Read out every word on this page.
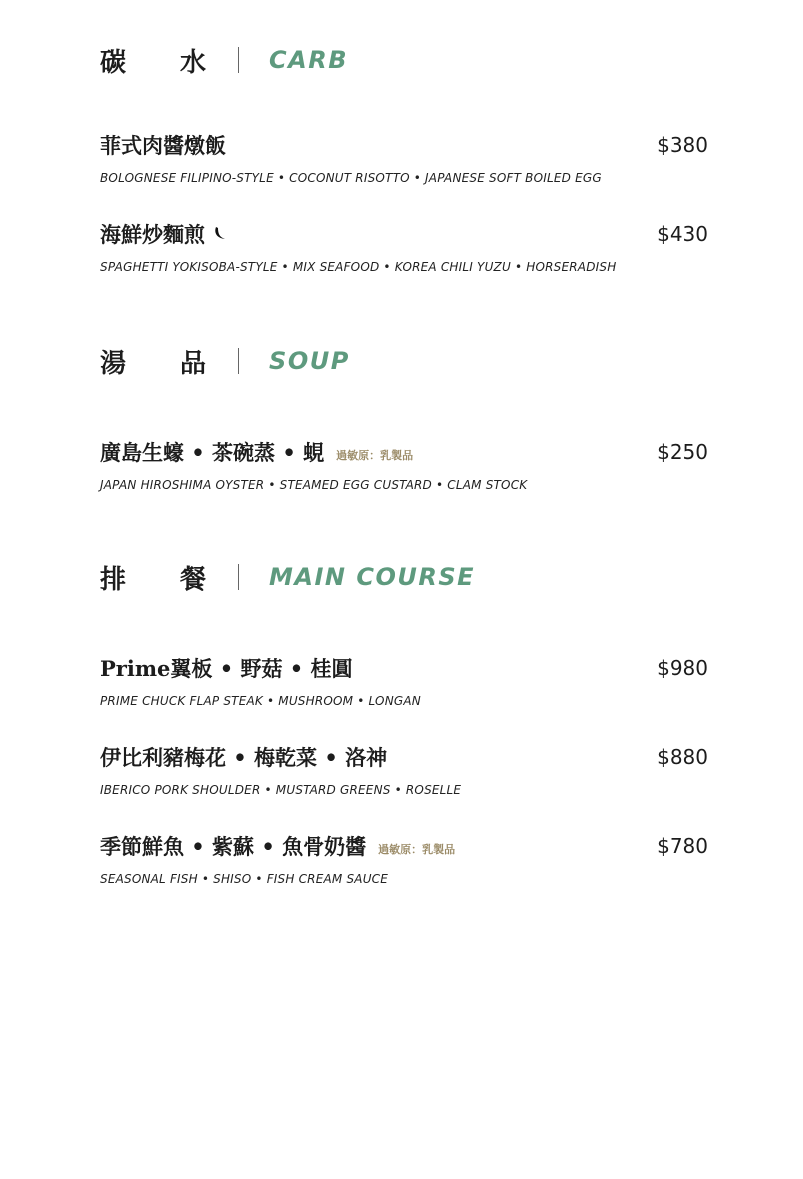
碳 水	CARB
菲式肉醬燉飯
BOLOGNESE FILIPINO-STYLE • COCONUT RISOTTO • JAPANESE SOFT BOILED EGG
$380
海鮮炒麵煎
SPAGHETTI YOKISOBA-STYLE • MIX SEAFOOD • KOREA CHILI YUZU • HORSERADISH
$430
湯 品	SOUP
廣島生蠔 • 茶碗蒸 • 蜆 過敏原：乳製品
JAPAN HIROSHIMA OYSTER • STEAMED EGG CUSTARD • CLAM STOCK
$250
排 餐	MAIN COURSE
Prime翼板 • 野菇 • 桂圓
PRIME CHUCK FLAP STEAK • MUSHROOM • LONGAN
$980
伊比利豬梅花 • 梅乾菜 • 洛神
IBERICO PORK SHOULDER • MUSTARD GREENS • ROSELLE
$880
季節鮮魚 • 紫蘇 • 魚骨奶醬 過敏原：乳製品
SEASONAL FISH • SHISO • FISH CREAM SAUCE
$780
